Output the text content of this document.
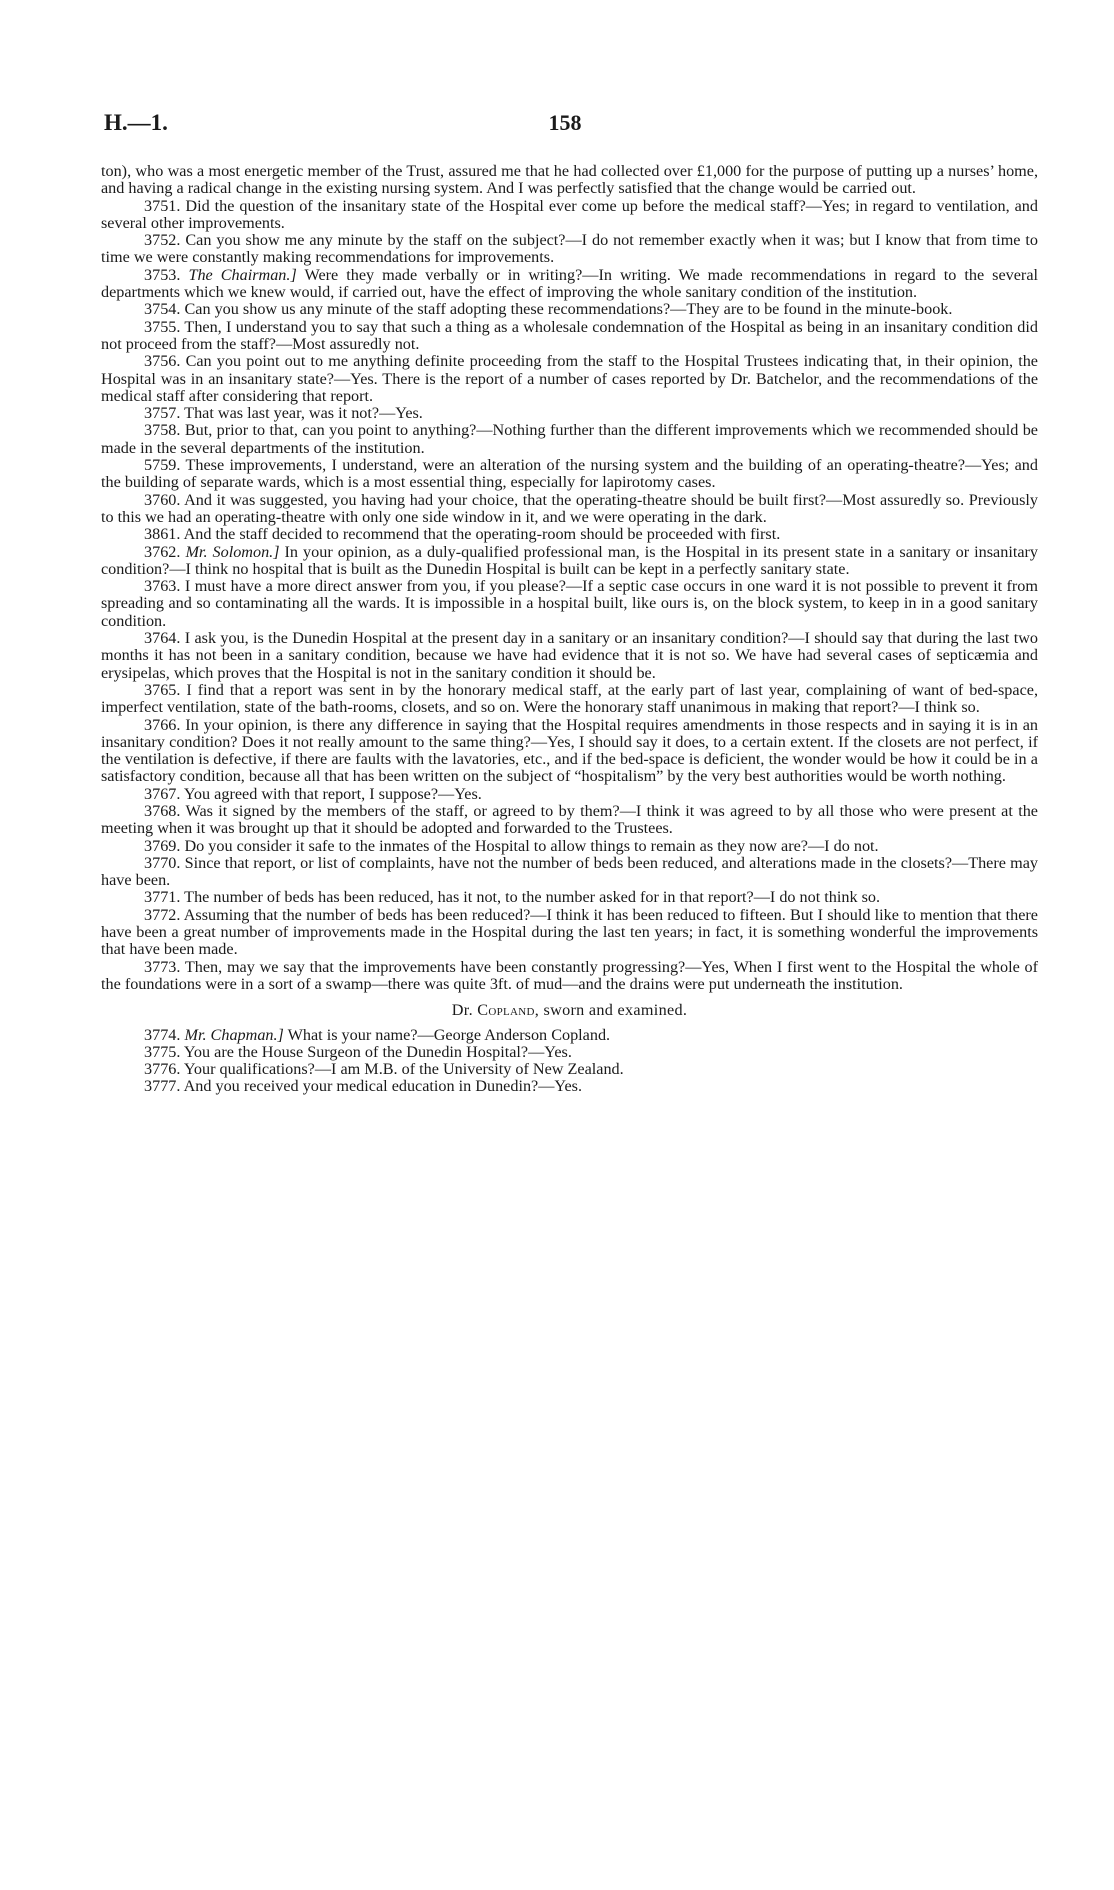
H.—1.	158

ton), who was a most energetic member of the Trust, assured me that he had collected over £1,000 for the purpose of putting up a nurses’ home, and having a radical change in the existing nursing system. And I was perfectly satisfied that the change would be carried out.

3751. Did the question of the insanitary state of the Hospital ever come up before the medical staff?—Yes; in regard to ventilation, and several other improvements.

3752. Can you show me any minute by the staff on the subject?—I do not remember exactly when it was; but I know that from time to time we were constantly making recommendations for improvements.

3753. The Chairman.] Were they made verbally or in writing?—In writing. We made recommendations in regard to the several departments which we knew would, if carried out, have the effect of improving the whole sanitary condition of the institution.

3754. Can you show us any minute of the staff adopting these recommendations?—They are to be found in the minute-book.

3755. Then, I understand you to say that such a thing as a wholesale condemnation of the Hospital as being in an insanitary condition did not proceed from the staff?—Most assuredly not.

3756. Can you point out to me anything definite proceeding from the staff to the Hospital Trustees indicating that, in their opinion, the Hospital was in an insanitary state?—Yes. There is the report of a number of cases reported by Dr. Batchelor, and the recommendations of the medical staff after considering that report.

3757. That was last year, was it not?—Yes.

3758. But, prior to that, can you point to anything?—Nothing further than the different improvements which we recommended should be made in the several departments of the institution.

5759. These improvements, I understand, were an alteration of the nursing system and the building of an operating-theatre?—Yes; and the building of separate wards, which is a most essential thing, especially for lapirotomy cases.

3760. And it was suggested, you having had your choice, that the operating-theatre should be built first?—Most assuredly so. Previously to this we had an operating-theatre with only one side window in it, and we were operating in the dark.

3861. And the staff decided to recommend that the operating-room should be proceeded with first.

3762. Mr. Solomon.] In your opinion, as a duly-qualified professional man, is the Hospital in its present state in a sanitary or insanitary condition?—I think no hospital that is built as the Dunedin Hospital is built can be kept in a perfectly sanitary state.

3763. I must have a more direct answer from you, if you please?—If a septic case occurs in one ward it is not possible to prevent it from spreading and so contaminating all the wards. It is impossible in a hospital built, like ours is, on the block system, to keep in in a good sanitary condition.

3764. I ask you, is the Dunedin Hospital at the present day in a sanitary or an insanitary condition?—I should say that during the last two months it has not been in a sanitary condition, because we have had evidence that it is not so. We have had several cases of septicæmia and erysipelas, which proves that the Hospital is not in the sanitary condition it should be.

3765. I find that a report was sent in by the honorary medical staff, at the early part of last year, complaining of want of bed-space, imperfect ventilation, state of the bath-rooms, closets, and so on. Were the honorary staff unanimous in making that report?—I think so.

3766. In your opinion, is there any difference in saying that the Hospital requires amendments in those respects and in saying it is in an insanitary condition? Does it not really amount to the same thing?—Yes, I should say it does, to a certain extent. If the closets are not perfect, if the ventilation is defective, if there are faults with the lavatories, etc., and if the bed-space is deficient, the wonder would be how it could be in a satisfactory condition, because all that has been written on the subject of “hospitalism” by the very best authorities would be worth nothing.

3767. You agreed with that report, I suppose?—Yes.

3768. Was it signed by the members of the staff, or agreed to by them?—I think it was agreed to by all those who were present at the meeting when it was brought up that it should be adopted and forwarded to the Trustees.

3769. Do you consider it safe to the inmates of the Hospital to allow things to remain as they now are?—I do not.

3770. Since that report, or list of complaints, have not the number of beds been reduced, and alterations made in the closets?—There may have been.

3771. The number of beds has been reduced, has it not, to the number asked for in that report?—I do not think so.

3772. Assuming that the number of beds has been reduced?—I think it has been reduced to fifteen. But I should like to mention that there have been a great number of improvements made in the Hospital during the last ten years; in fact, it is something wonderful the improvements that have been made.

3773. Then, may we say that the improvements have been constantly progressing?—Yes, When I first went to the Hospital the whole of the foundations were in a sort of a swamp—there was quite 3ft. of mud—and the drains were put underneath the institution.

Dr. Copland, sworn and examined.

3774. Mr. Chapman.] What is your name?—George Anderson Copland.

3775. You are the House Surgeon of the Dunedin Hospital?—Yes.

3776. Your qualifications?—I am M.B. of the University of New Zealand.

3777. And you received your medical education in Dunedin?—Yes.
